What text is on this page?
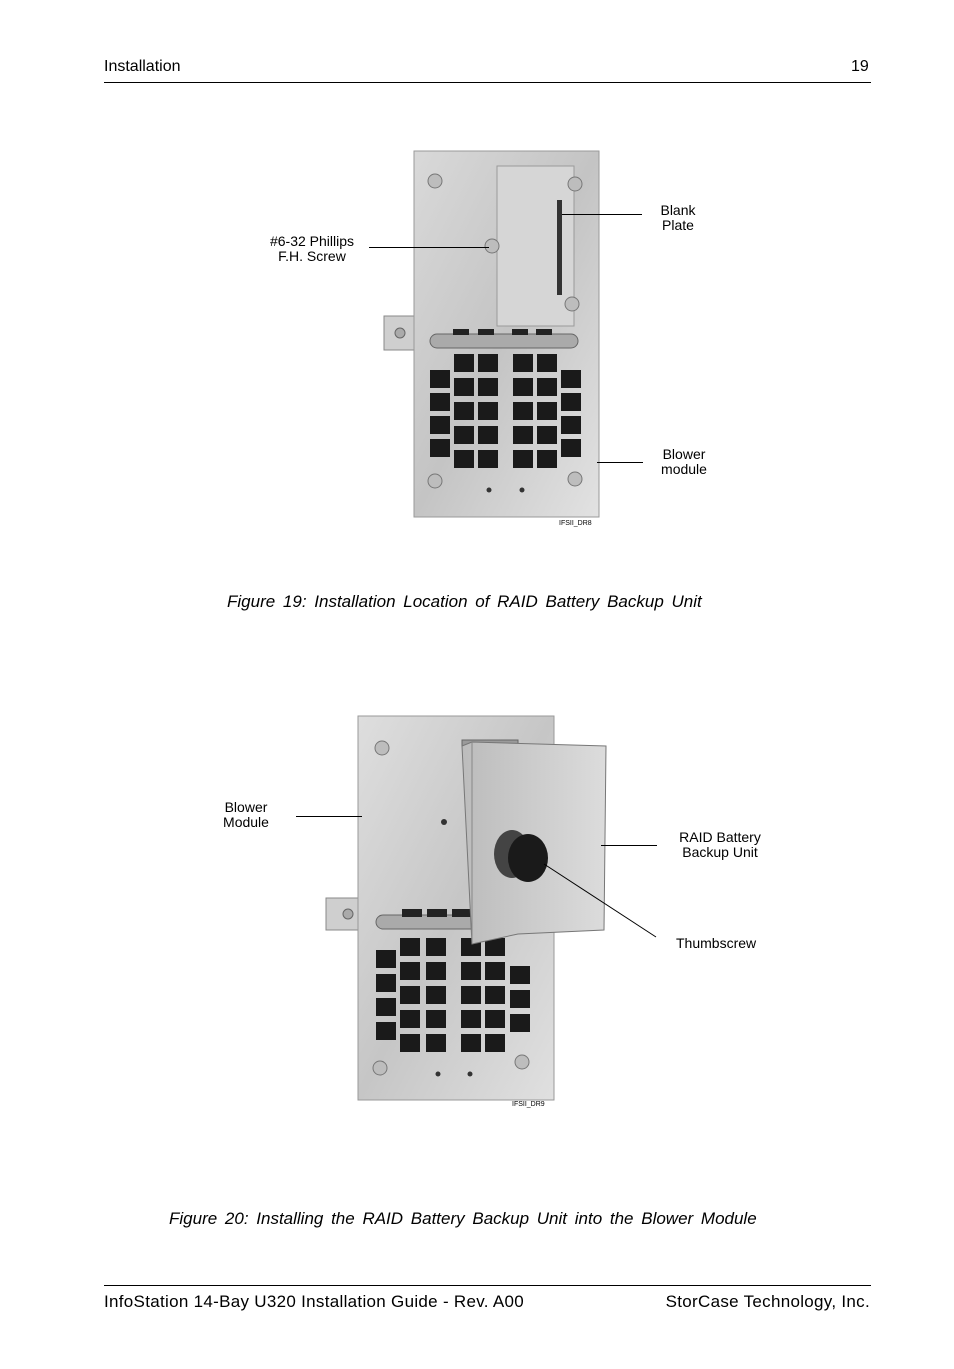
Installation	19
IFSII_DR8
#6-32 Phillips
F.H. Screw
Blank
Plate
Blower
module
Figure 19: Installation Location of RAID Battery Backup Unit
IFSII_DR9
Blower
Module
RAID Battery
Backup Unit
Thumbscrew
Figure 20: Installing the RAID Battery Backup Unit into the Blower Module
InfoStation 14-Bay U320 Installation Guide - Rev. A00	StorCase Technology, Inc.
